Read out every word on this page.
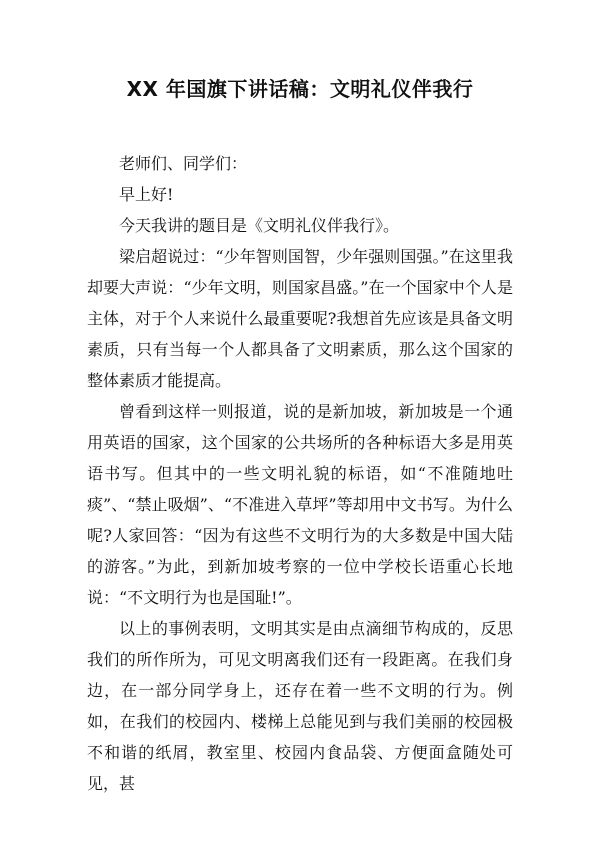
XX 年国旗下讲话稿：文明礼仪伴我行

老师们、同学们：

早上好!

今天我讲的题目是《文明礼仪伴我行》。

梁启超说过：“少年智则国智，少年强则国强。”在这里我却要大声说：“少年文明，则国家昌盛。”在一个国家中个人是主体，对于个人来说什么最重要呢?我想首先应该是具备文明素质，只有当每一个人都具备了文明素质，那么这个国家的整体素质才能提高。

曾看到这样一则报道，说的是新加坡，新加坡是一个通用英语的国家，这个国家的公共场所的各种标语大多是用英语书写。但其中的一些文明礼貌的标语，如“不准随地吐痰”、“禁止吸烟”、“不准进入草坪”等却用中文书写。为什么呢?人家回答：“因为有这些不文明行为的大多数是中国大陆的游客。”为此，到新加坡考察的一位中学校长语重心长地说：“不文明行为也是国耻!”。

以上的事例表明，文明其实是由点滴细节构成的，反思我们的所作所为，可见文明离我们还有一段距离。在我们身边，在一部分同学身上，还存在着一些不文明的行为。例如，在我们的校园内、楼梯上总能见到与我们美丽的校园极不和谐的纸屑，教室里、校园内食品袋、方便面盒随处可见，甚
